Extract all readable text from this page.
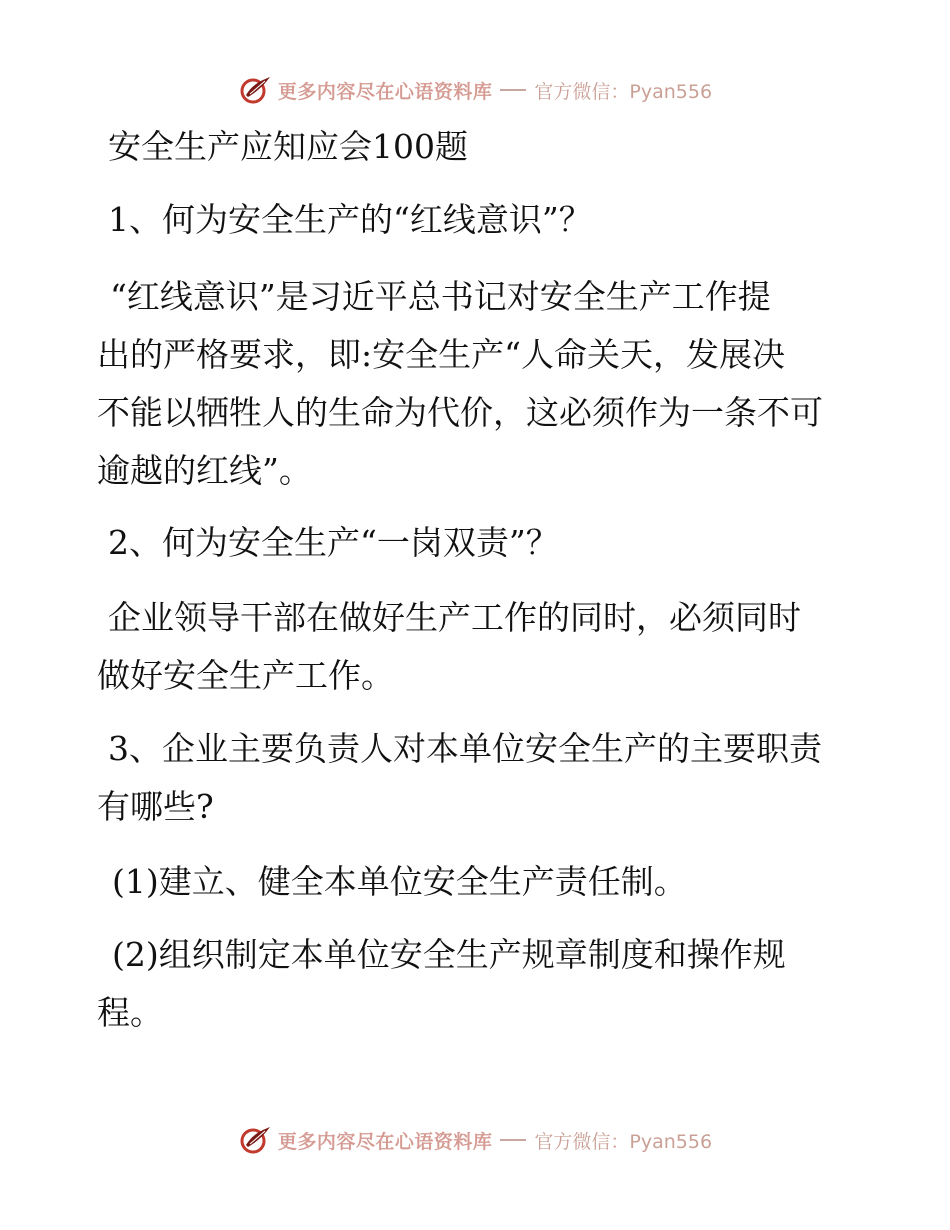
更多内容尽在心语资料库 官方微信：Pyan556
安全生产应知应会100题
1、何为安全生产的“红线意识”？
“红线意识”是习近平总书记对安全生产工作提
出的严格要求，即:安全生产“人命关天，发展决
不能以牺牲人的生命为代价，这必须作为一条不可
逾越的红线”。
2、何为安全生产“一岗双责”？
企业领导干部在做好生产工作的同时，必须同时
做好安全生产工作。
3、企业主要负责人对本单位安全生产的主要职责
有哪些?
(1)建立、健全本单位安全生产责任制。
(2)组织制定本单位安全生产规章制度和操作规
程。
更多内容尽在心语资料库 官方微信：Pyan556
